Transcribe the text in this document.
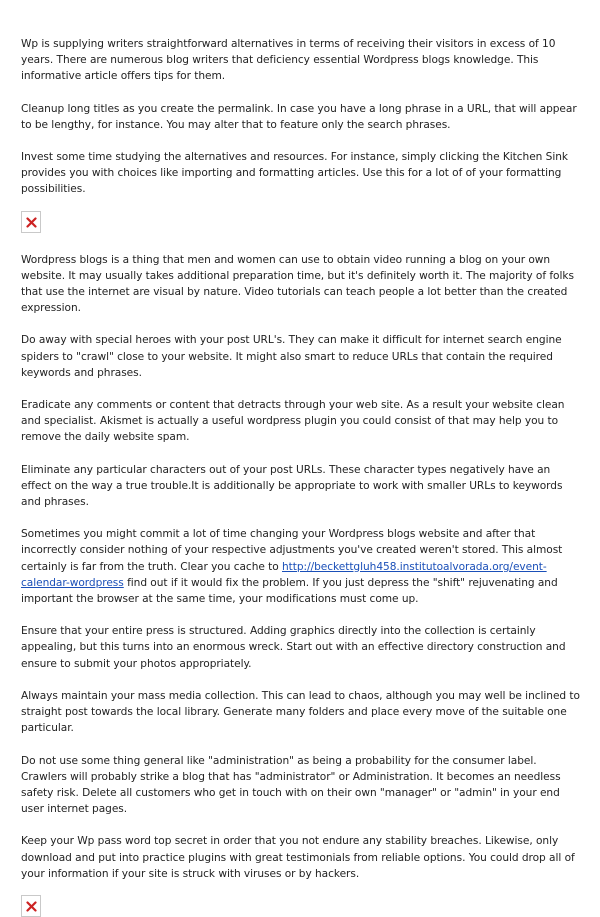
Wp is supplying writers straightforward alternatives in terms of receiving their visitors in excess of 10 years. There are numerous blog writers that deficiency essential Wordpress blogs knowledge. This informative article offers tips for them.

Cleanup long titles as you create the permalink. In case you have a long phrase in a URL, that will appear to be lengthy, for instance. You may alter that to feature only the search phrases.

Invest some time studying the alternatives and resources. For instance, simply clicking the Kitchen Sink provides you with choices like importing and formatting articles. Use this for a lot of of your formatting possibilities.

Wordpress blogs is a thing that men and women can use to obtain video running a blog on your own website. It may usually takes additional preparation time, but it's definitely worth it. The majority of folks that use the internet are visual by nature. Video tutorials can teach people a lot better than the created expression.

Do away with special heroes with your post URL's. They can make it difficult for internet search engine spiders to "crawl" close to your website. It might also smart to reduce URLs that contain the required keywords and phrases.

Eradicate any comments or content that detracts through your web site. As a result your website clean and specialist. Akismet is actually a useful wordpress plugin you could consist of that may help you to remove the daily website spam.

Eliminate any particular characters out of your post URLs. These character types negatively have an effect on the way a true trouble.It is additionally be appropriate to work with smaller URLs to keywords and phrases.

Sometimes you might commit a lot of time changing your Wordpress blogs website and after that incorrectly consider nothing of your respective adjustments you've created weren't stored. This almost certainly is far from the truth. Clear you cache to http://beckettgluh458.institutoalvorada.org/event-calendar-wordpress find out if it would fix the problem. If you just depress the "shift" rejuvenating and important the browser at the same time, your modifications must come up.

Ensure that your entire press is structured. Adding graphics directly into the collection is certainly appealing, but this turns into an enormous wreck. Start out with an effective directory construction and ensure to submit your photos appropriately.

Always maintain your mass media collection. This can lead to chaos, although you may well be inclined to straight post towards the local library. Generate many folders and place every move of the suitable one particular.

Do not use some thing general like "administration" as being a probability for the consumer label. Crawlers will probably strike a blog that has "administrator" or Administration. It becomes an needless safety risk. Delete all customers who get in touch with on their own "manager" or "admin" in your end user internet pages.

Keep your Wp pass word top secret in order that you not endure any stability breaches. Likewise, only download and put into practice plugins with great testimonials from reliable options. You could drop all of your information if your site is struck with viruses or by hackers.
